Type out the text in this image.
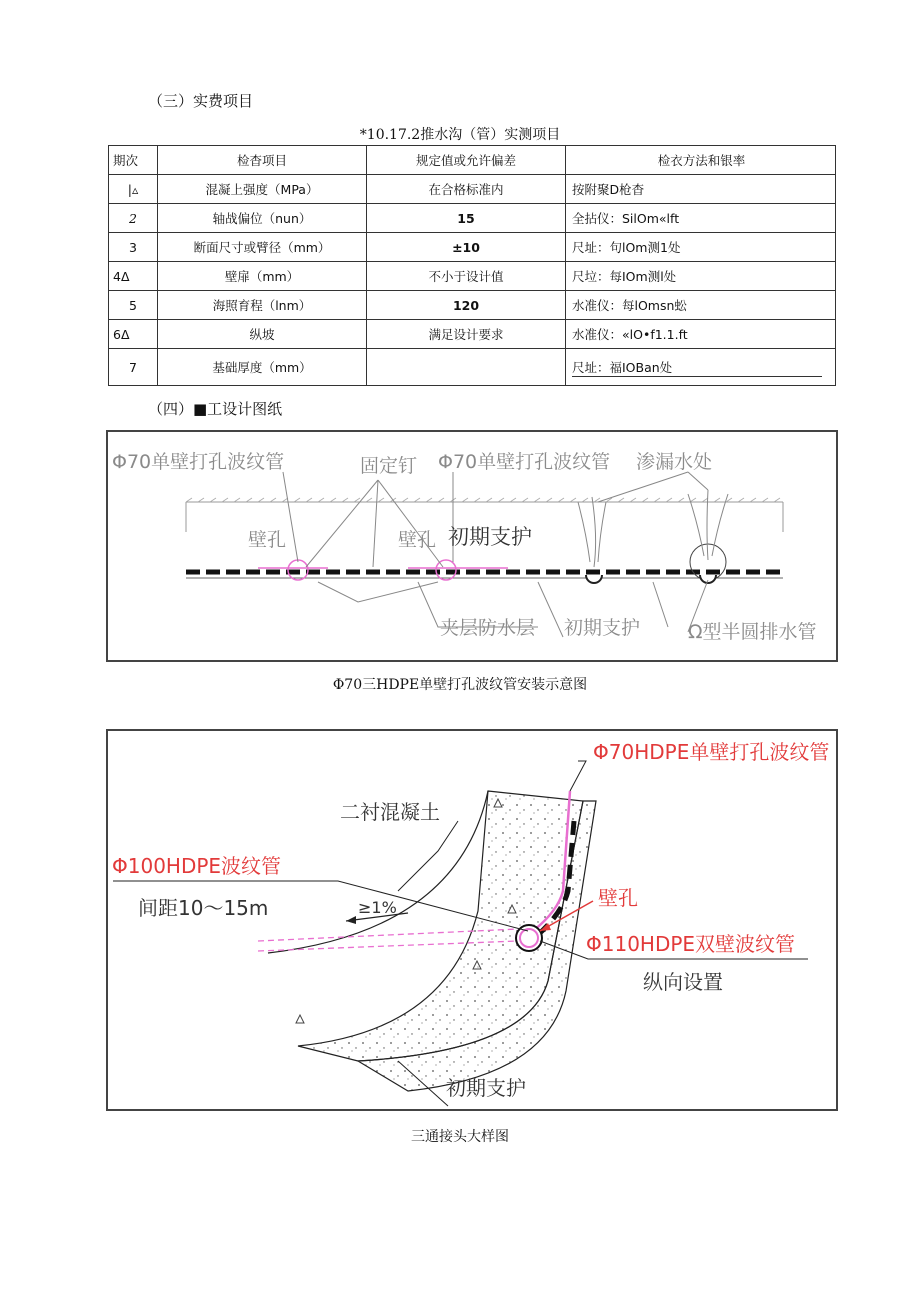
（三）实费项目
*10.17.2推水沟（管）实测项目
期次	检杳项目	规定值或允许偏差	检衣方法和银率
|▵	混凝上强度（MPa）	在合格标准内	按附聚D枪杳
2	轴战偏位（nun）	15	全拈仪：SilOm«lft
3	断面尺寸或臂径（mm）	±10	尺址：句lOm测1处
4Δ	壁扉（mm）	不小于设计值	尺垃：每IOm测l处
5	海照育程（lnm）	120	水准仪：每lOmsn蚣
6Δ	纵坡	满足设计要求	水准仪：«lO•f1.1.ft
7	基础厚度（mm）		尺址：福IOBan处
（四）■工设计图纸
Φ70单壁打孔波纹管	固定钉 Φ70单壁打孔波纹管 渗漏水处
壁孔	壁孔 初期支护
夹层防水层 初期支护	Ω型半圆排水管
Φ70三HDPE单壁打孔波纹管安装示意图
Φ70HDPE单壁打孔波纹管
二衬混凝土
Φ100HDPE波纹管
间距10～15m	≥1%	壁孔
Φ110HDPE双壁波纹管
纵向设置
初期支护
三通接头大样图
